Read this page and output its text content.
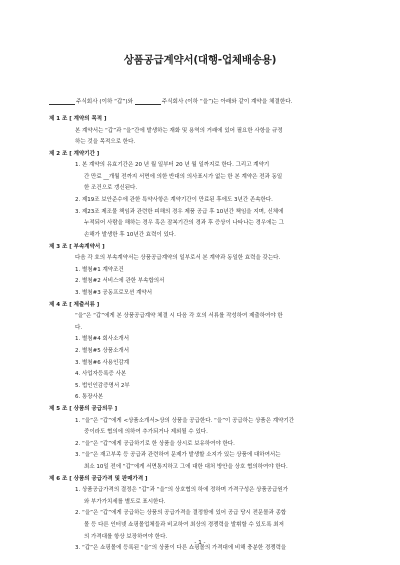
상품공급계약서(대행-업체배송용)
주식회사 (이하 “갑”)와	주식회사 (이하 “을”)는 아래와 같이 계약을 체결한다.
제 1 조 [ 계약의 목적 ]
본 계약서는 “갑”과 “을”간에 발생하는 재화 및 용역의 거래에 있어 필요한 사항을 규정
하는 것을 목적으로 한다.
제 2 조 [ 계약기간 ]
1. 본 계약의 유효기간은 20 년 월 일부터 20 년 월 일까지로 한다. 그리고 계약기
간 만료 __개월 전까지 서면에 의한 반대의 의사표시가 없는 한 본 계약은 전과 동일
한 조건으로 갱신된다.
2. 제19조 보안준수에 관한 특약사항은 계약기간이 만료된 후에도 3년간 존속한다.
3. 제23조 제조물 책임과 관련한 피해의 경우 제품 공급 후 10년간 책임을 지며, 신체에
누적되어 사람을 해하는 경우 혹은 잠복기간의 경과 후 증상이 나타나는 경우에는 그
손해가 발생한 후 10년간 효력이 있다.
제 3 조 [ 부속계약서 ]
다음 각 호의 부속계약서는 상품공급계약의 일부로서 본 계약과 동일한 효력을 갖는다.
1. 별첨#1 계약조건
2. 별첨#2 서비스에 관한 부속합의서
3. 별첨#3 공동프로모션 계약서
제 4 조 [ 제출서류 ]
“을”은 “갑”에게 본 상품공급계약 체결 시 다음 각 호의 서류를 작성하여 제출하여야 한
다.
1. 별첨#4 회사소개서
2. 별첨#5 상품소개서
3. 별첨#6 사용인감계
4. 사업자등록증 사본
5. 법인인감증명서 2부
6. 통장사본
제 5 조 [ 상품의 공급의무 ]
1. “을”은 “갑”에게 <상품소개서>상의 상품을 공급한다. “을”이 공급하는 상품은 계약기간
중이라도 협의에 의하여 추가되거나 제외될 수 있다.
2. “을”은 “갑”에게 공급하기로 한 상품을 상시로 보유하여야 한다.
3. “을”은 재고부족 등 공급과 관련하여 문제가 발생할 소지가 있는 상품에 대하여서는
최소 10일 전에 “갑”에게 서면통지하고 그에 대한 대처 방안을 상호 협의하여야 한다.
제 6 조 [ 상품의 공급가격 및 판매가격 ]
1. 상품공급가격의 결정은 “갑”과 “을”의 상호협의 하에 정하며 가격구성은 상품공급원가
와 부가가치세를 별도로 표시한다.
2. “을”은 “갑”에게 공급하는 상품의 공급가격을 결정함에 있어 공급 당시 전문몰과 종합
몰 등 다른 인터넷 쇼핑몰업체들과 비교하여 최상의 경쟁력을 발휘할 수 있도록 최저
의 가격대를 항상 보장하여야 한다.
3. “갑”은 쇼핑몰에 등록된 “을”의 상품이 다른 쇼핑몰의 가격대에 비해 충분한 경쟁력을
- 1 -
